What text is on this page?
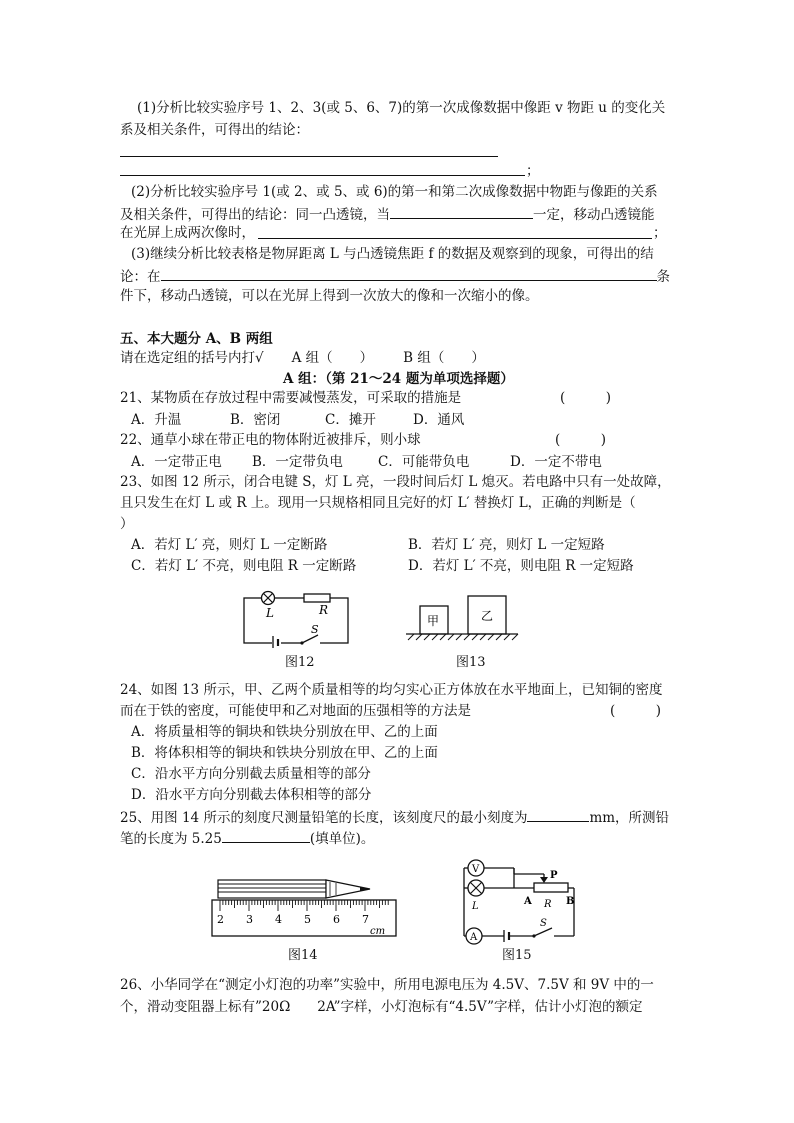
(1)分析比较实验序号 1、2、3(或 5、6、7)的第一次成像数据中像距 v 物距 u 的变化关
系及相关条件，可得出的结论：
；
(2)分析比较实验序号 1(或 2、或 5、或 6)的第一和第二次成像数据中物距与像距的关系
及相关条件，可得出的结论：同一凸透镜，当	一定，移动凸透镜能
在光屏上成两次像时，	；
(3)继续分析比较表格是物屏距离 L 与凸透镜焦距 f 的数据及观察到的现象，可得出的结
论：在	条
件下，移动凸透镜，可以在光屏上得到一次放大的像和一次缩小的像。
五、本大题分 A、B 两组
请在选定组的括号内打√ A 组（　　） B 组（　　）
A 组：（第 21～24 题为单项选择题）
21、某物质在存放过程中需要减慢蒸发，可采取的措施是	(　　　)
A．升温	B．密闭	C．摊开	D．通风
22、通草小球在带正电的物体附近被排斥，则小球	(　　　)
A．一定带正电 B．一定带负电	C．可能带负电	D．一定不带电
23、如图 12 所示，闭合电键 S，灯 L 亮，一段时间后灯 L 熄灭。若电路中只有一处故障，
且只发生在灯 L 或 R 上。现用一只规格相同且完好的灯 L′ 替换灯 L，正确的判断是（
）
A．若灯 L′ 亮，则灯 L 一定断路	B．若灯 L′ 亮，则灯 L 一定短路
C．若灯 L′ 不亮，则电阻 R 一定断路	D．若灯 L′ 不亮，则电阻 R 一定短路
L	R
S
图12
甲	乙
图13
24、如图 13 所示，甲、乙两个质量相等的均匀实心正方体放在水平地面上，已知铜的密度
而在于铁的密度，可能使甲和乙对地面的压强相等的方法是	(　　　)
A．将质量相等的铜块和铁块分别放在甲、乙的上面
B．将体积相等的铜块和铁块分别放在甲、乙的上面
C．沿水平方向分别截去质量相等的部分
D．沿水平方向分别截去体积相等的部分
25、用图 14 所示的刻度尺测量铅笔的长度，该刻度尺的最小刻度为	mm，所测铅
笔的长度为 5.25	(填单位)。
2 3 4 5 6 7
cm
图14
V
L
P
A R B
A
S
图15
26、小华同学在“测定小灯泡的功率”实验中，所用电源电压为 4.5V、7.5V 和 9V 中的一
个，滑动变阻器上标有”20Ω　　2A”字样，小灯泡标有“4.5V”字样，估计小灯泡的额定
